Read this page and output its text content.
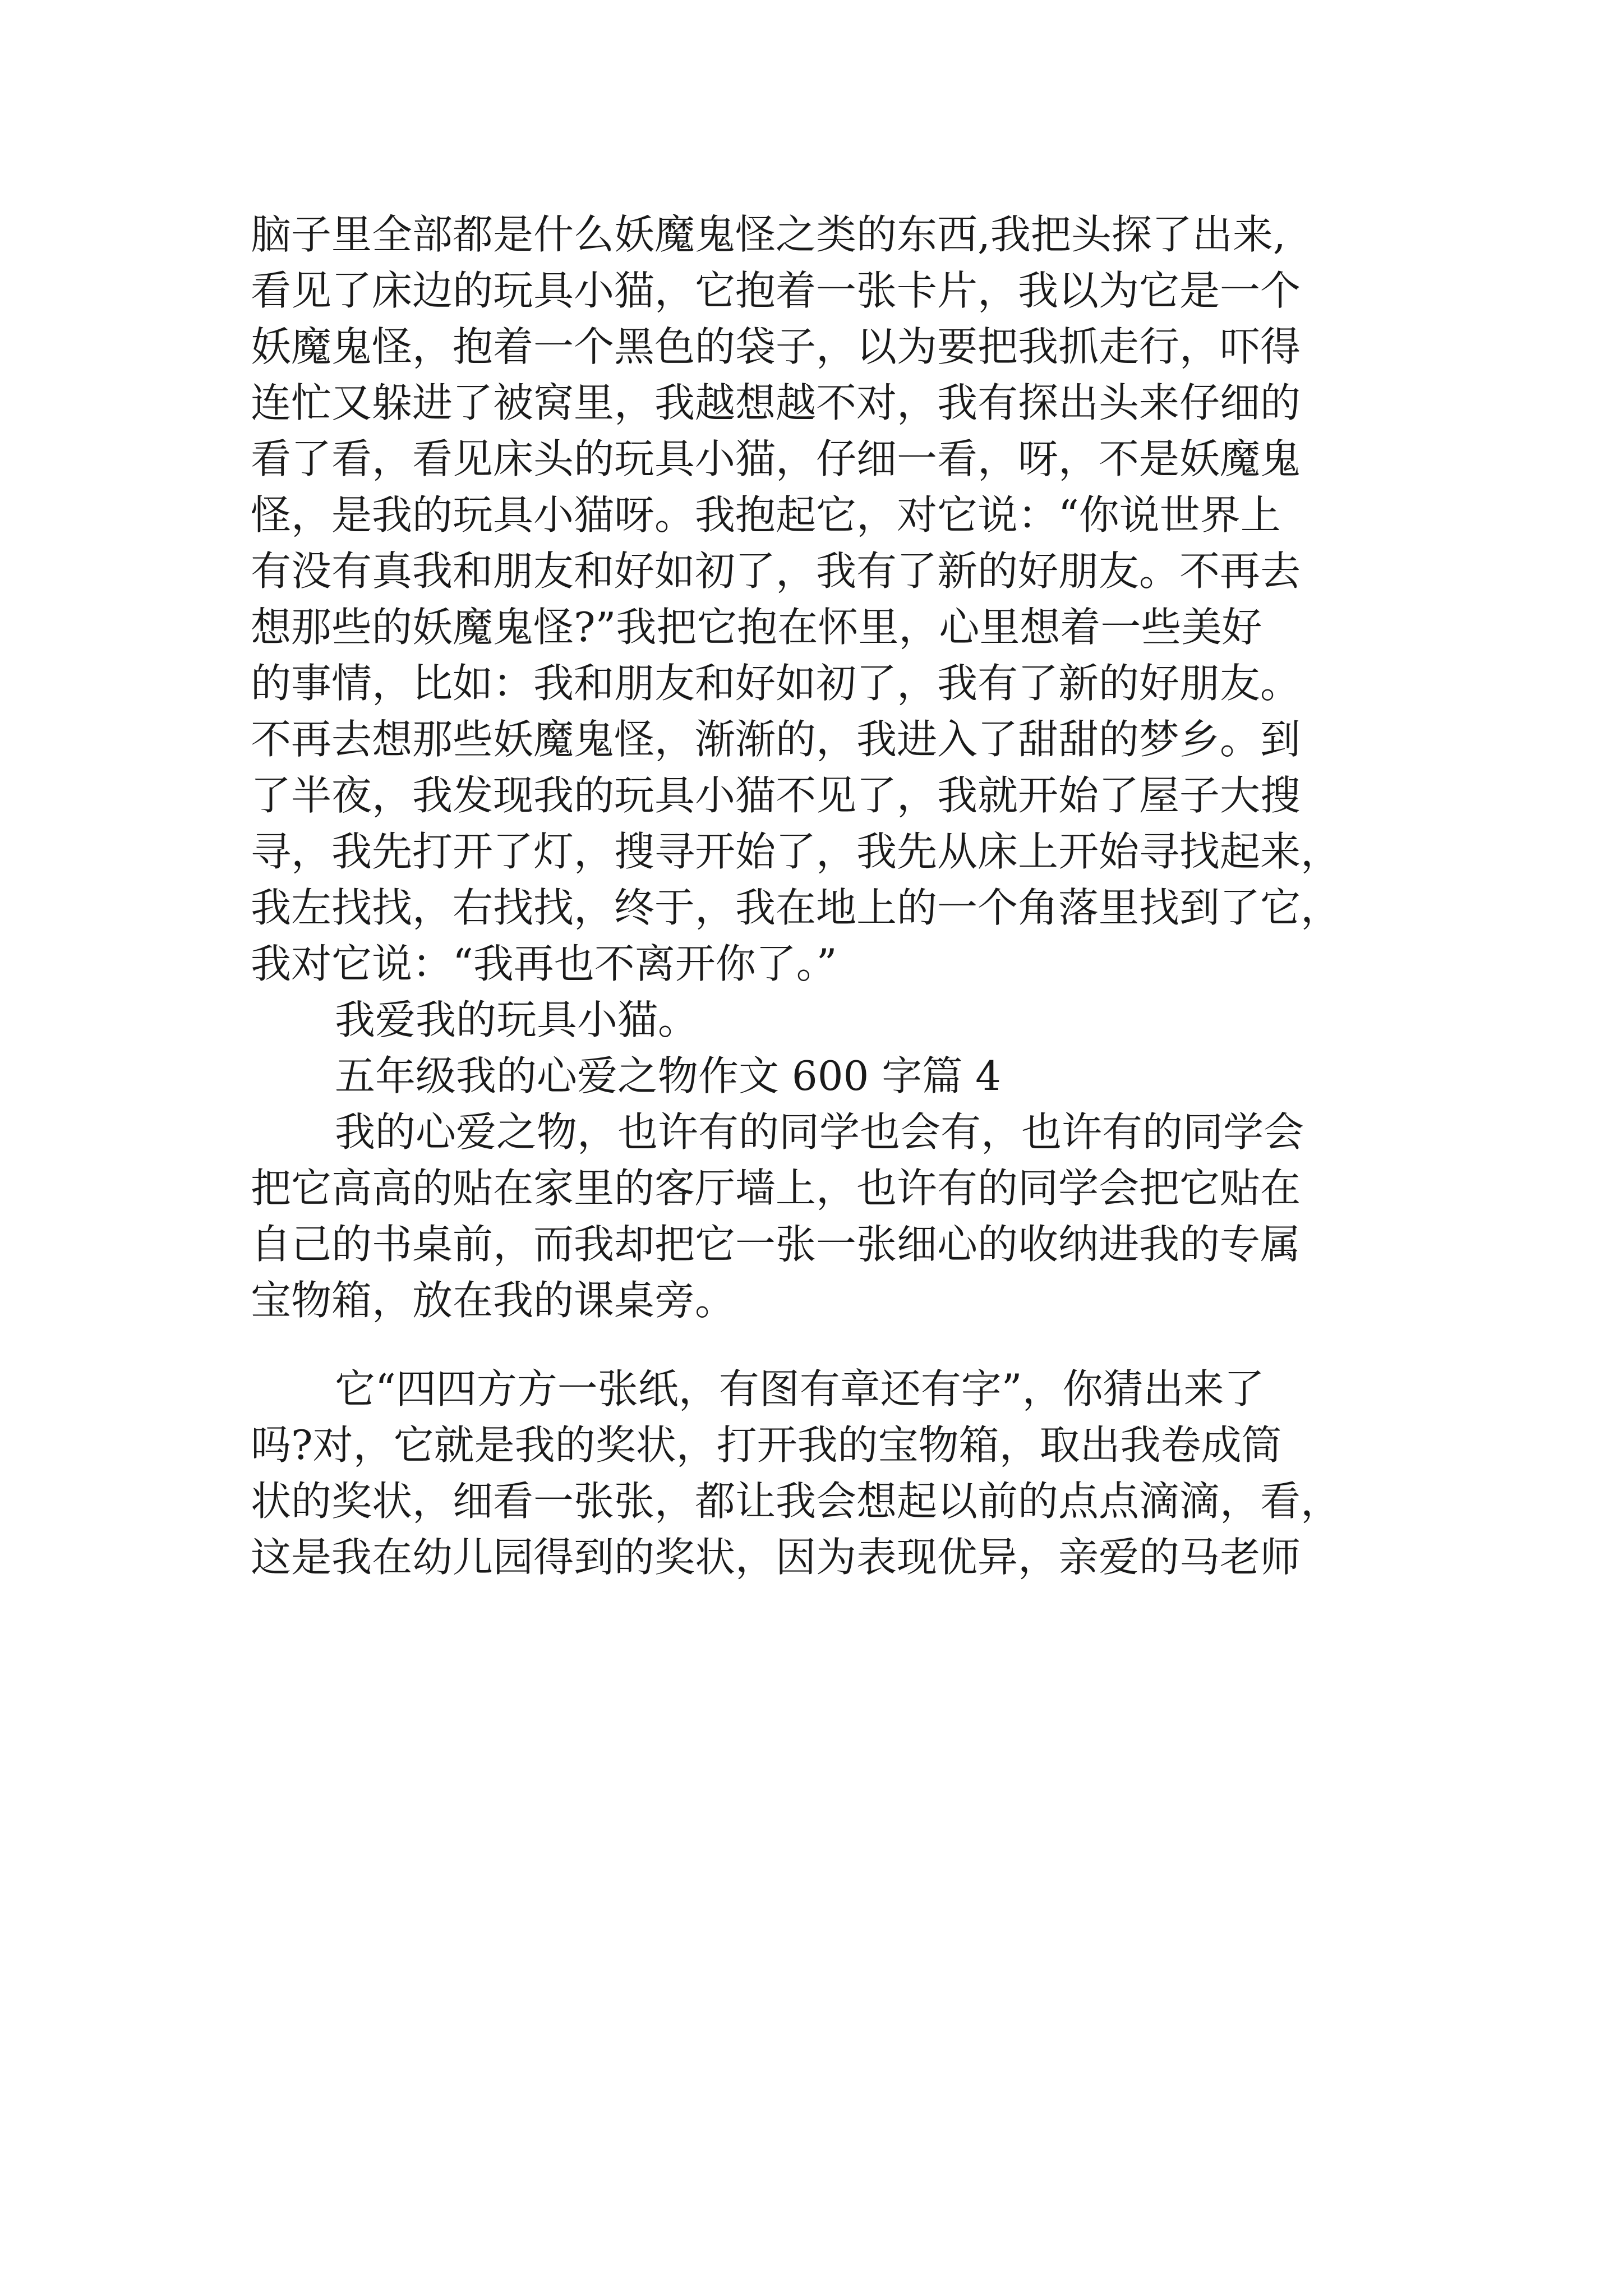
脑子里全部都是什么妖魔鬼怪之类的东西,我把头探了出来,
看见了床边的玩具小猫，它抱着一张卡片，我以为它是一个
妖魔鬼怪，抱着一个黑色的袋子，以为要把我抓走行，吓得
连忙又躲进了被窝里，我越想越不对，我有探出头来仔细的
看了看，看见床头的玩具小猫，仔细一看，呀，不是妖魔鬼
怪，是我的玩具小猫呀。我抱起它，对它说：“你说世界上
有没有真我和朋友和好如初了，我有了新的好朋友。不再去
想那些的妖魔鬼怪?”我把它抱在怀里，心里想着一些美好
的事情，比如：我和朋友和好如初了，我有了新的好朋友。
不再去想那些妖魔鬼怪，渐渐的，我进入了甜甜的梦乡。到
了半夜，我发现我的玩具小猫不见了，我就开始了屋子大搜
寻，我先打开了灯，搜寻开始了，我先从床上开始寻找起来，
我左找找，右找找，终于，我在地上的一个角落里找到了它，
我对它说：“我再也不离开你了。”
我爱我的玩具小猫。
五年级我的心爱之物作文 600 字篇 4
我的心爱之物，也许有的同学也会有，也许有的同学会
把它高高的贴在家里的客厅墙上，也许有的同学会把它贴在
自己的书桌前，而我却把它一张一张细心的收纳进我的专属
宝物箱，放在我的课桌旁。
它“四四方方一张纸，有图有章还有字”，你猜出来了
吗?对，它就是我的奖状，打开我的宝物箱，取出我卷成筒
状的奖状，细看一张张，都让我会想起以前的点点滴滴，看，
这是我在幼儿园得到的奖状，因为表现优异，亲爱的马老师
